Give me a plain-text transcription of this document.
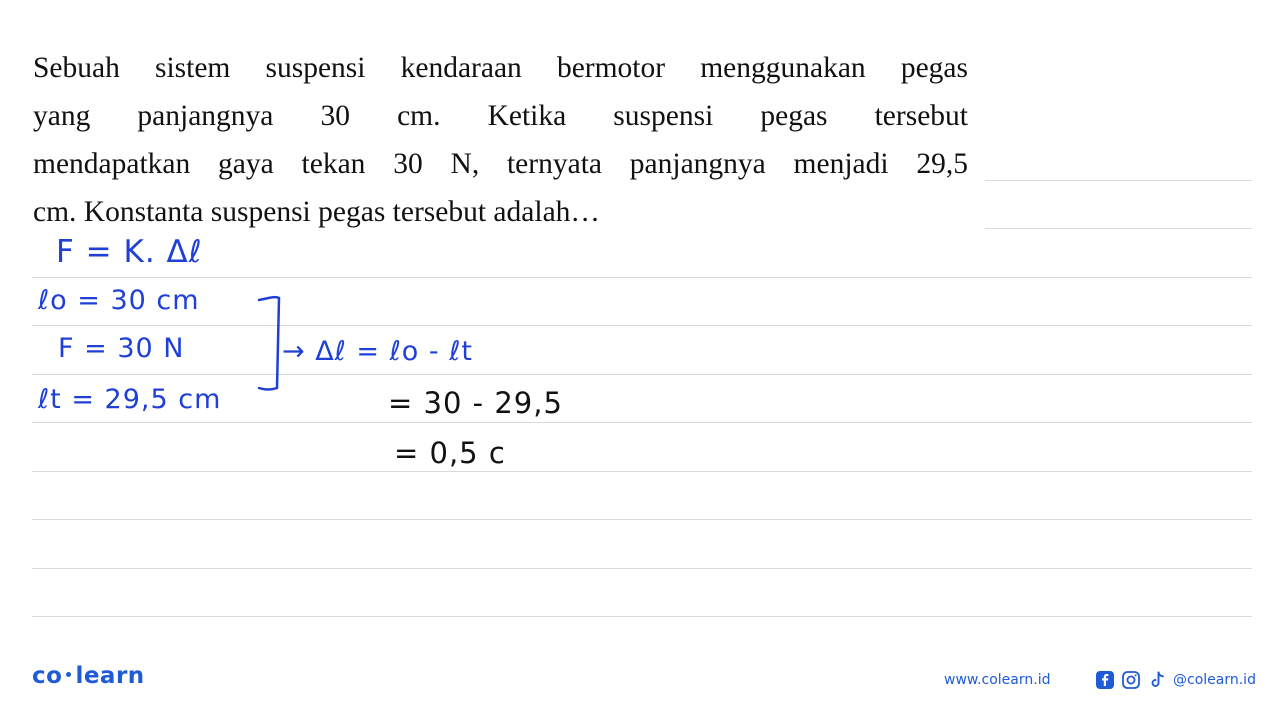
Sebuah sistem suspensi kendaraan bermotor menggunakan pegas
yang panjangnya 30 cm. Ketika suspensi pegas tersebut
mendapatkan gaya tekan 30 N, ternyata panjangnya menjadi 29,5
cm. Konstanta suspensi pegas tersebut adalah…
F = K. Δℓ
ℓo = 30 cm
F = 30 N
ℓt = 29,5 cm
→ Δℓ = ℓo - ℓt
= 30 - 29,5
= 0,5 c
co learn	www.colearn.id	@colearn.id
